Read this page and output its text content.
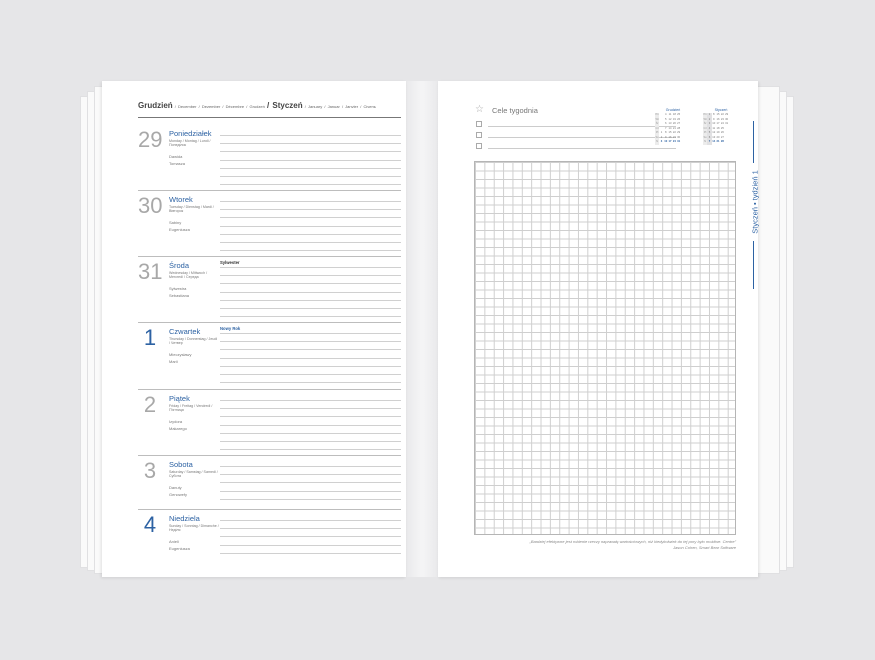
Grudzień / December / Dezember / Décembre / Grudzeń / Styczeń / January / Januar / Janvier / Січень
29 Poniedziałek
Monday / Montag / Lundi / Понеділок
Dawida
Tomasza
30 Wtorek
Tuesday / Dienstag / Mardi / Вівторок
Sabiny
Eugeniusza
31 Środa
Wednesday / Mittwoch / Mercredi / Середа
Sylwestra
Sebastiana
Sylwester
1	Czwartek
Thursday / Donnerstag / Jeudi / Четвер
Mieczysławy
Marii
Nowy Rok
2	Piątek
Friday / Freitag / Vendredi / П'ятниця
Izydora
Makarego
3	Sobota
Saturday / Samstag / Samedi / Субота
Danuty
Genowefy
4	Niedziela
Sunday / Sonntag / Dimanche / Неділя
Anieli
Eugeniusza
☆ Cele tygodnia	Grudzień
Pn		4	11	18	25
Wt		5	12	19	26
Śr		6	13	20	27
Cz		7	14	21	28
Pt	1	8	15	22	29
So	2	9	16	23	30
N	3	10	17	24	31
Styczeń
Pn	1	8	15	22	29
Wt	2	9	16	23	30
Śr	3	10	17	24	31
Cz	4	11	18	25	
Pt	5	12	19	26	
So	6	13	20	27	
N	7	14	21	28	
„Bardziej efektywne jest robienie rzeczy naprawdę wartościowych, niż kiedykolwiek do tej pory było możliwe. Centre"
Jason Cohen, Smart Bear Software
Styczeń • tydzień 1
